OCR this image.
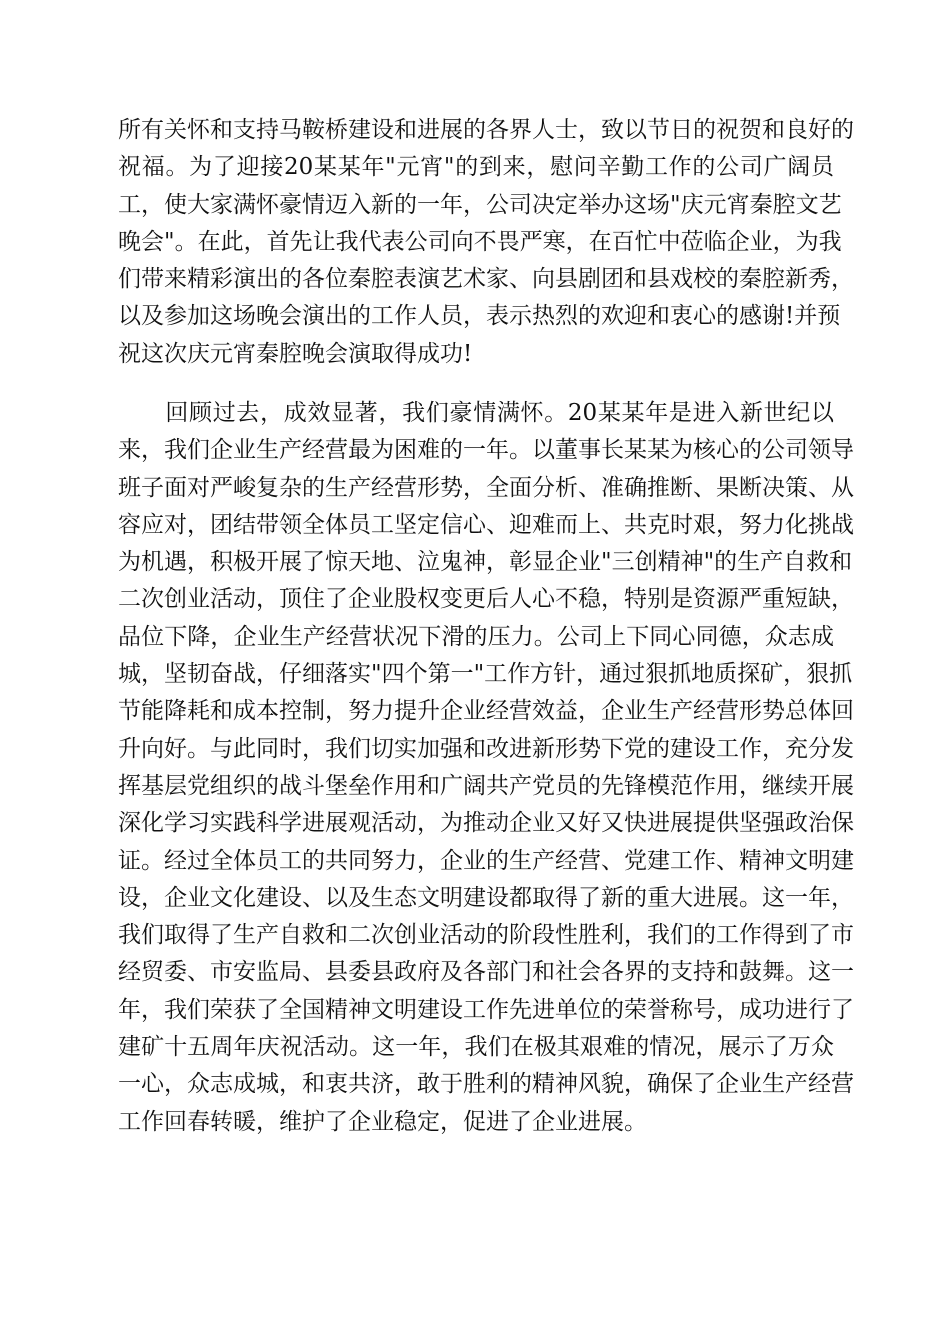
所有关怀和支持马鞍桥建设和进展的各界人士，致以节日的祝贺和良好的
祝福。为了迎接20某某年"元宵"的到来，慰问辛勤工作的公司广阔员
工，使大家满怀豪情迈入新的一年，公司决定举办这场"庆元宵秦腔文艺
晚会"。在此，首先让我代表公司向不畏严寒，在百忙中莅临企业，为我
们带来精彩演出的各位秦腔表演艺术家、向县剧团和县戏校的秦腔新秀，
以及参加这场晚会演出的工作人员，表示热烈的欢迎和衷心的感谢!并预
祝这次庆元宵秦腔晚会演取得成功!
　　回顾过去，成效显著，我们豪情满怀。20某某年是进入新世纪以
来，我们企业生产经营最为困难的一年。以董事长某某为核心的公司领导
班子面对严峻复杂的生产经营形势，全面分析、准确推断、果断决策、从
容应对，团结带领全体员工坚定信心、迎难而上、共克时艰，努力化挑战
为机遇，积极开展了惊天地、泣鬼神，彰显企业"三创精神"的生产自救和
二次创业活动，顶住了企业股权变更后人心不稳，特别是资源严重短缺，
品位下降，企业生产经营状况下滑的压力。公司上下同心同德，众志成
城，坚韧奋战，仔细落实"四个第一"工作方针，通过狠抓地质探矿，狠抓
节能降耗和成本控制，努力提升企业经营效益，企业生产经营形势总体回
升向好。与此同时，我们切实加强和改进新形势下党的建设工作，充分发
挥基层党组织的战斗堡垒作用和广阔共产党员的先锋模范作用，继续开展
深化学习实践科学进展观活动，为推动企业又好又快进展提供坚强政治保
证。经过全体员工的共同努力，企业的生产经营、党建工作、精神文明建
设，企业文化建设、以及生态文明建设都取得了新的重大进展。这一年，
我们取得了生产自救和二次创业活动的阶段性胜利，我们的工作得到了市
经贸委、市安监局、县委县政府及各部门和社会各界的支持和鼓舞。这一
年，我们荣获了全国精神文明建设工作先进单位的荣誉称号，成功进行了
建矿十五周年庆祝活动。这一年，我们在极其艰难的情况，展示了万众
一心，众志成城，和衷共济，敢于胜利的精神风貌，确保了企业生产经营
工作回春转暖，维护了企业稳定，促进了企业进展。
